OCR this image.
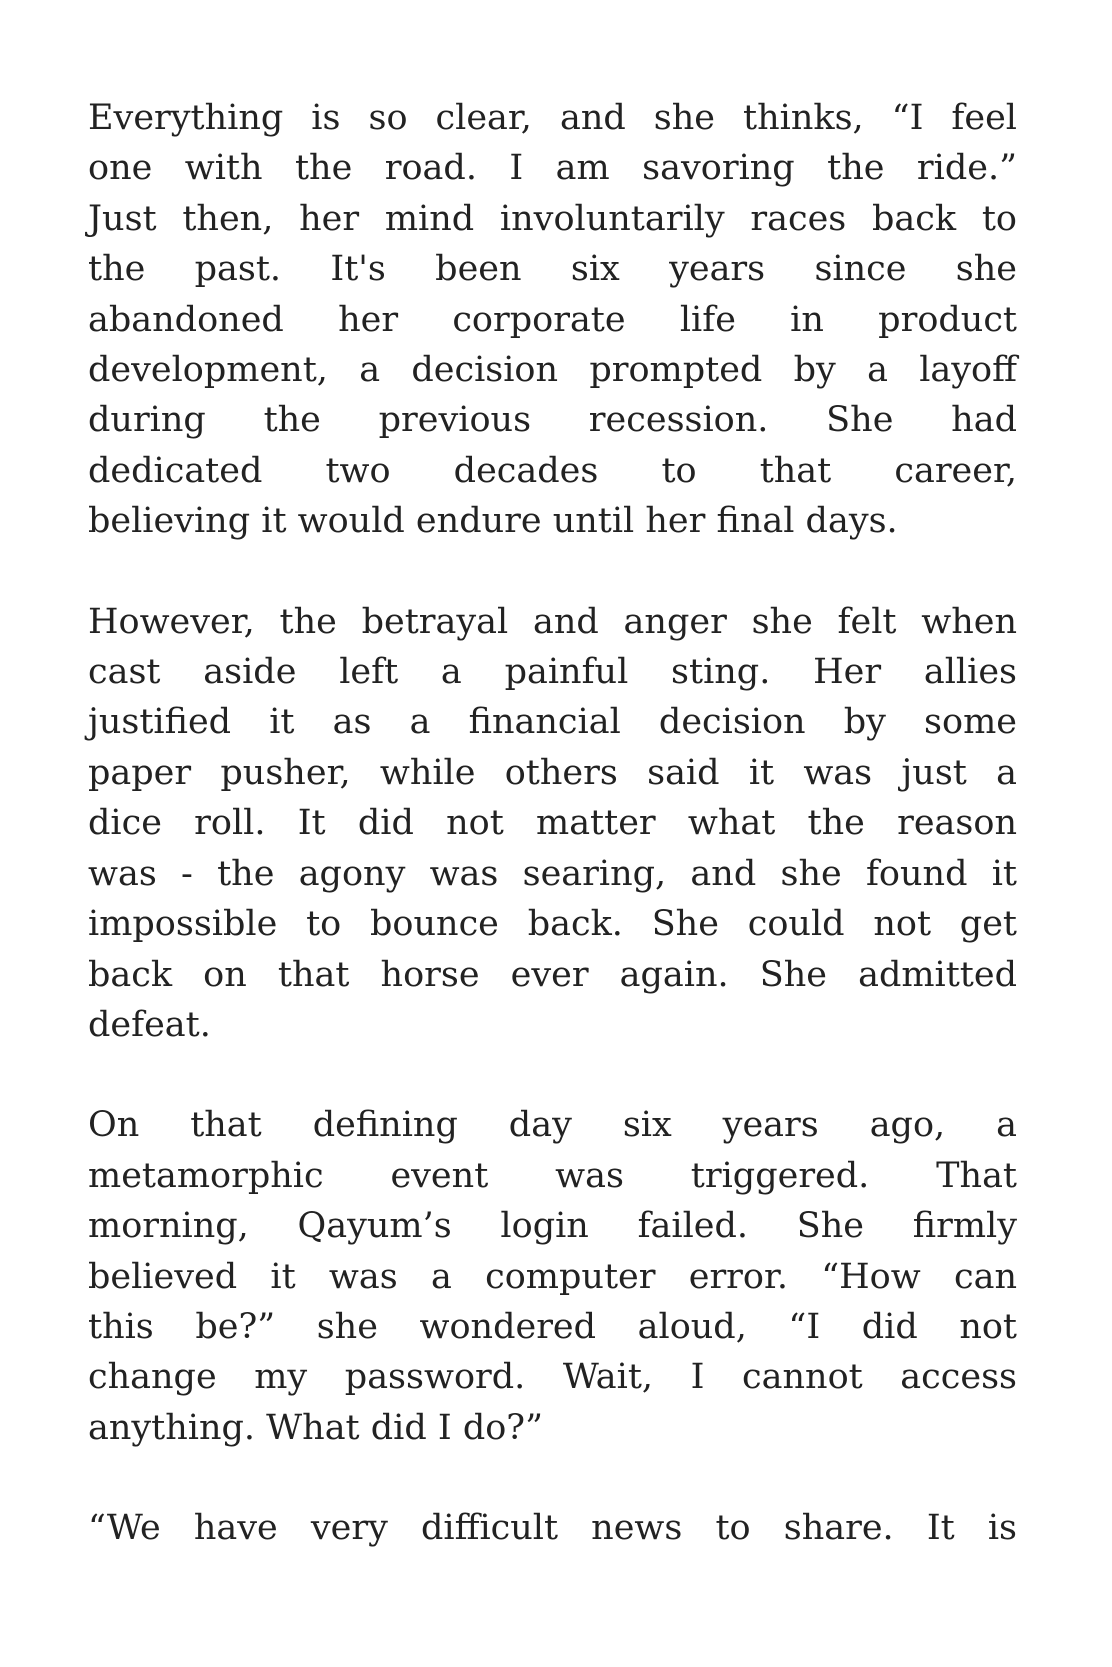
Everything is so clear, and she thinks, “I feel
one with the road. I am savoring the ride.”
Just then, her mind involuntarily races back to
the past. It's been six years since she
abandoned her corporate life in product
development, a decision prompted by a layoff
during the previous recession. She had
dedicated two decades to that career,
believing it would endure until her final days.
However, the betrayal and anger she felt when
cast aside left a painful sting. Her allies
justified it as a financial decision by some
paper pusher, while others said it was just a
dice roll. It did not matter what the reason
was - the agony was searing, and she found it
impossible to bounce back. She could not get
back on that horse ever again. She admitted
defeat.
On that defining day six years ago, a
metamorphic event was triggered. That
morning, Qayum’s login failed. She firmly
believed it was a computer error. “How can
this be?” she wondered aloud, “I did not
change my password. Wait, I cannot access
anything. What did I do?”
“We have very difficult news to share. It is
